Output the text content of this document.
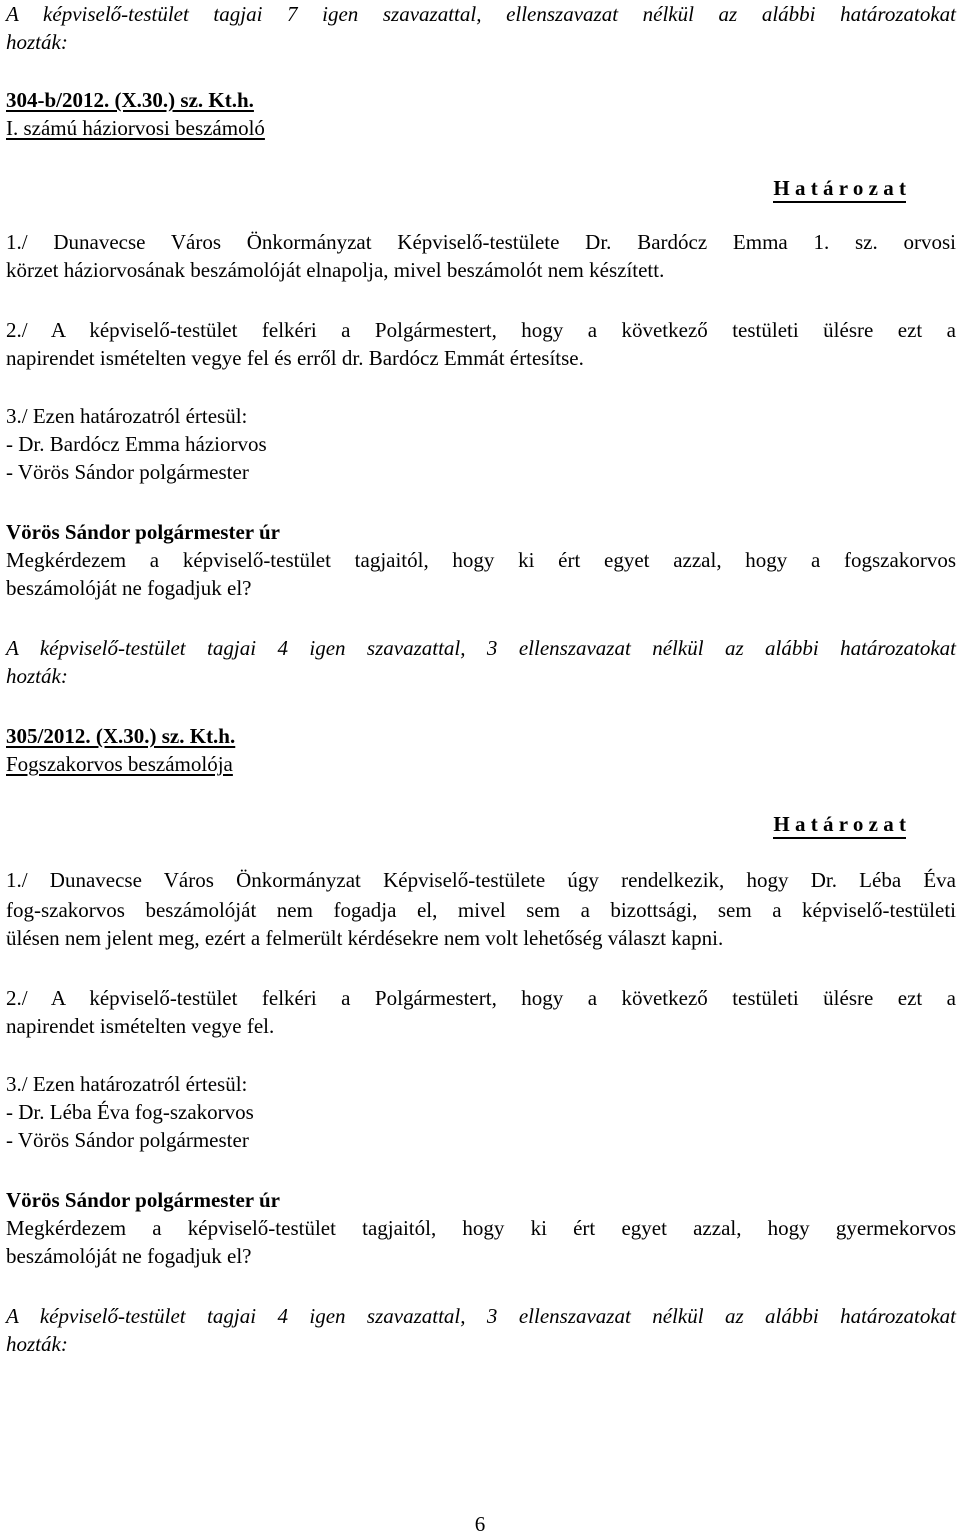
A képviselő-testület tagjai 7 igen szavazattal, ellenszavazat nélkül az alábbi határozatokat

hozták:

304-b/2012. (X.30.) sz. Kt.h.

I. számú háziorvosi beszámoló

H a t á r o z a t

1./ Dunavecse Város Önkormányzat Képviselő-testülete Dr. Bardócz Emma 1. sz. orvosi

körzet háziorvosának beszámolóját elnapolja, mivel beszámolót nem készített.

2./ A képviselő-testület felkéri a Polgármestert, hogy a következő testületi ülésre ezt a

napirendet ismételten vegye fel és erről dr. Bardócz Emmát értesítse.

3./ Ezen határozatról értesül:

- Dr. Bardócz Emma háziorvos

- Vörös Sándor polgármester

Vörös Sándor polgármester úr

Megkérdezem a képviselő-testület tagjaitól, hogy ki ért egyet azzal, hogy a fogszakorvos

beszámolóját ne fogadjuk el?

A képviselő-testület tagjai 4 igen szavazattal, 3 ellenszavazat nélkül az alábbi határozatokat

hozták:

305/2012. (X.30.) sz. Kt.h.

Fogszakorvos beszámolója

H a t á r o z a t

1./ Dunavecse Város Önkormányzat Képviselő-testülete úgy rendelkezik, hogy Dr. Léba Éva

fog-szakorvos beszámolóját nem fogadja el, mivel sem a bizottsági, sem a képviselő-testületi

ülésen nem jelent meg, ezért a felmerült kérdésekre nem volt lehetőség választ kapni.

2./ A képviselő-testület felkéri a Polgármestert, hogy a következő testületi ülésre ezt a

napirendet ismételten vegye fel.

3./ Ezen határozatról értesül:

- Dr. Léba Éva fog-szakorvos

- Vörös Sándor polgármester

Vörös Sándor polgármester úr

Megkérdezem a képviselő-testület tagjaitól, hogy ki ért egyet azzal, hogy gyermekorvos

beszámolóját ne fogadjuk el?

A képviselő-testület tagjai 4 igen szavazattal, 3 ellenszavazat nélkül az alábbi határozatokat

hozták:

6
